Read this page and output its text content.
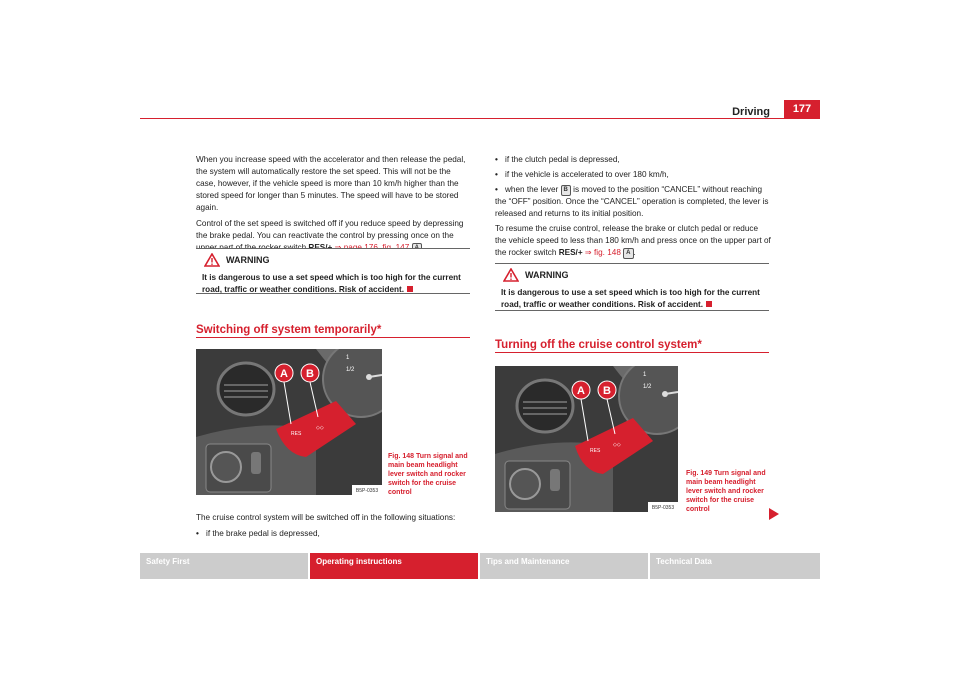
Driving	177

When you increase speed with the accelerator and then release the pedal, the system will automatically restore the set speed. This will not be the case, however, if the vehicle speed is more than 10 km/h higher than the stored speed for longer than 5 minutes. The speed will have to be stored again.

Control of the set speed is switched off if you reduce speed by depressing the brake pedal. You can reactivate the control by pressing once on the

WARNING
It is dangerous to use a set speed which is too high for the current road, traffic or weather conditions. Risk of accident.
Switching off system temporarily*
RES
◇◇
A B
1
1/2
B5P-0353
Fig. 148 Turn signal and main beam headlight lever switch and rocker switch for the cruise control

The cruise control system will be switched off in the following situations:

• if the brake pedal is depressed,

• if the clutch pedal is depressed,

• if the vehicle is accelerated to over 180 km/h,

• when the lever B is moved to the position “CANCEL” without reaching the “OFF” position. Once the “CANCEL” operation is completed, the lever is released and returns to its initial position.

To resume the cruise control, release the brake or clutch pedal or reduce the vehicle speed to less than 180 km/h and press once on the upper part of the rocker switch RES/+ ⇒ fig. 148 A .

WARNING
It is dangerous to use a set speed which is too high for the current road, traffic or weather conditions. Risk of accident.
Turning off the cruise control system*
RES
◇◇
A B
1
1/2
B5P-0353
Fig. 149 Turn signal and main beam headlight lever switch and rocker switch for the cruise control
Safety First	Operating instructions	Tips and Maintenance	Technical Data
